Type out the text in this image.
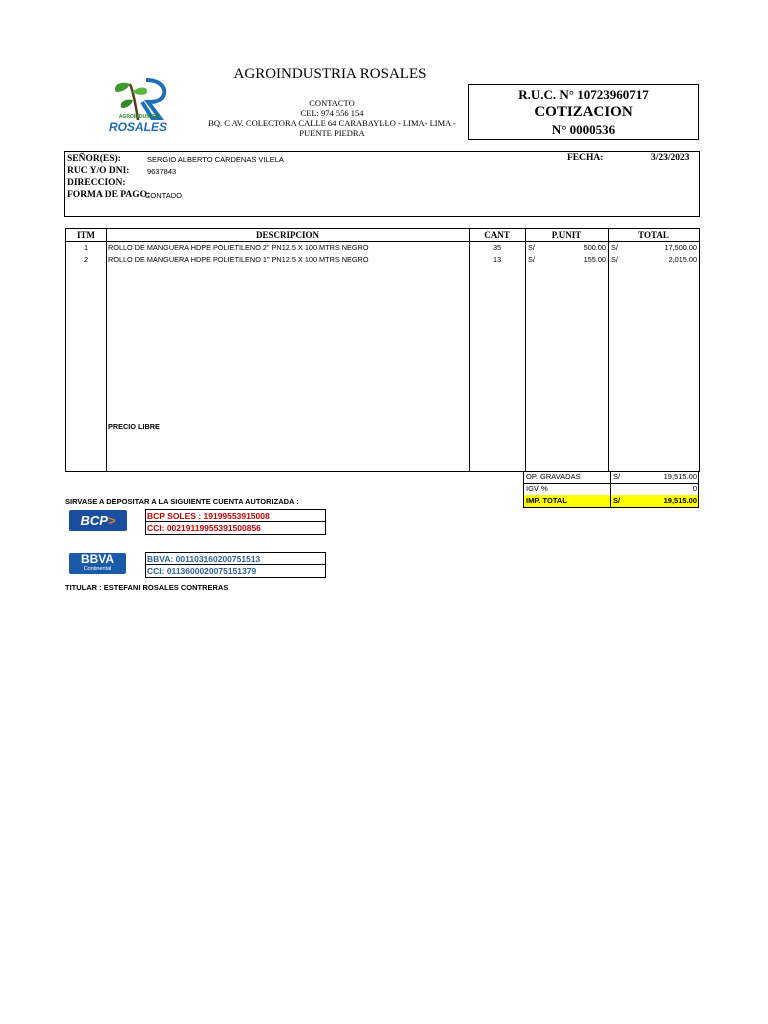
AGROINDUSTRIA ROSALES
AGROINDUSTRIA
ROSALES
CONTACTO
CEL: 974 556 154
BQ. C AV. COLECTORA CALLE 64 CARABAYLLO - LIMA- LIMA - PUENTE PIEDRA
R.U.C. N° 10723960717
COTIZACION
N° 0000536
SEÑOR(ES):	SERGIO ALBERTO CARDENAS VILELA
RUC Y/O DNI: 9637843
DIRECCION:
FORMA DE PAGO:
CONTADO
FECHA:	3/23/2023
ITM	DESCRIPCION	CANT	P.UNIT	TOTAL
1	ROLLO DE MANGUERA HDPE POLIETILENO 2" PN12.5 X 100 MTRS NEGRO	35	S/	500.00 S/	17,500.00
2	ROLLO DE MANGUERA HDPE POLIETILENO 1" PN12.5 X 100 MTRS NEGRO	13	S/	155.00 S/	2,015.00
PRECIO LIBRE
OP. GRAVADAS	S/	19,515.00
IGV %	0
IMP. TOTAL	S/	19,515.00
SIRVASE A DEPOSITAR A LA SIGUIENTE CUENTA AUTORIZADA :
BCP>	BCP SOLES : 19199553915008
CCI: 00219119955391500856
BBVA
Continental
BBVA: 001103160200751513
CCI: 0113600020075151379
TITULAR : ESTEFANI ROSALES CONTRERAS
